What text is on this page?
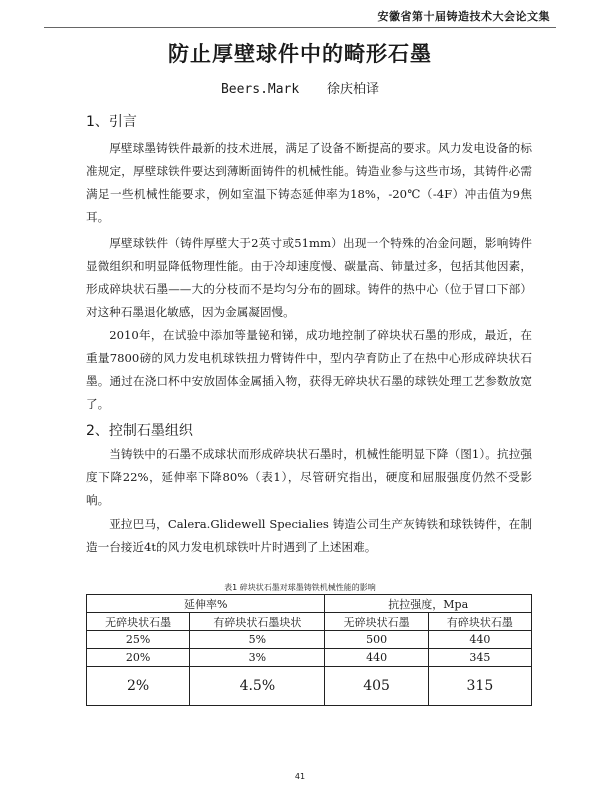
安徽省第十届铸造技术大会论文集
防止厚壁球件中的畸形石墨
Beers.Mark 徐庆柏译
1、引言

厚壁球墨铸铁件最新的技术进展，满足了设备不断提高的要求。风力发电设备的标准规定，厚壁球铁件要达到薄断面铸件的机械性能。铸造业参与这些市场，其铸件必需满足一些机械性能要求，例如室温下铸态延伸率为18%，-20℃（-4F）冲击值为9焦耳。

厚壁球铁件（铸件厚壁大于2英寸或51mm）出现一个特殊的冶金问题，影响铸件显微组织和明显降低物理性能。由于冷却速度慢、碳量高、铈量过多，包括其他因素，形成碎块状石墨——大的分枝而不是均匀分布的圆球。铸件的热中心（位于冒口下部）对这种石墨退化敏感，因为金属凝固慢。

2010年，在试验中添加等量铋和锑，成功地控制了碎块状石墨的形成，最近，在重量7800磅的风力发电机球铁扭力臂铸件中，型内孕育防止了在热中心形成碎块状石墨。通过在浇口杯中安放固体金属插入物，获得无碎块状石墨的球铁处理工艺参数放宽了。

2、控制石墨组织

当铸铁中的石墨不成球状而形成碎块状石墨时，机械性能明显下降（图1）。抗拉强度下降22%，延伸率下降80%（表1），尽管研究指出，硬度和屈服强度仍然不受影响。

亚拉巴马，Calera.Glidewell Specialies 铸造公司生产灰铸铁和球铁铸件，在制造一台接近4t的风力发电机球铁叶片时遇到了上述困难。

表1 碎块状石墨对球墨铸铁机械性能的影响
延伸率%		抗拉强度，Mpa	
无碎块状石墨	有碎块状石墨块状	无碎块状石墨	有碎块状石墨
25%	5%	500	440
20%	3%	440	345
2%	4.5%	405	315
41
